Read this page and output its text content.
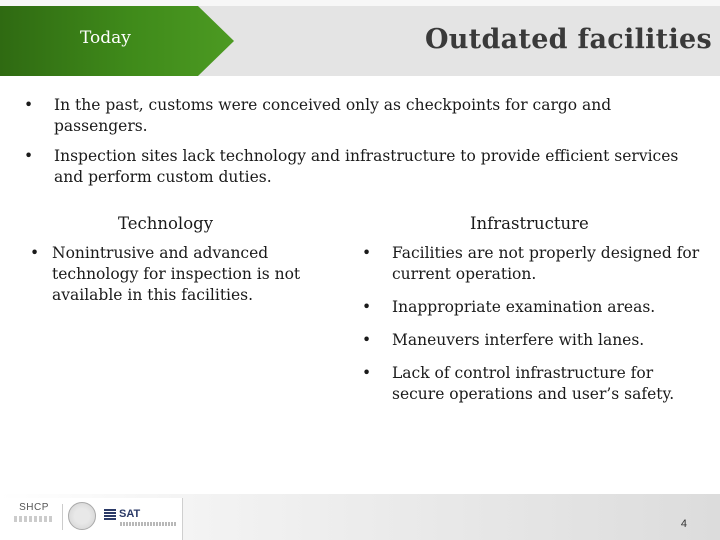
Today	Outdated facilities
•	In the past, customs were conceived only as checkpoints for cargo and passengers.
•	Inspection sites lack technology and infrastructure to provide efficient services and perform custom duties.
Technology	Infrastructure
• Nonintrusive and advanced technology for inspection is not available in this facilities.
•	Facilities are not properly designed for current operation.
•	Inappropriate examination areas.
•	Maneuvers interfere with lanes.
•	Lack of control infrastructure for secure operations and user’s safety.
SHCP
SAT
4
